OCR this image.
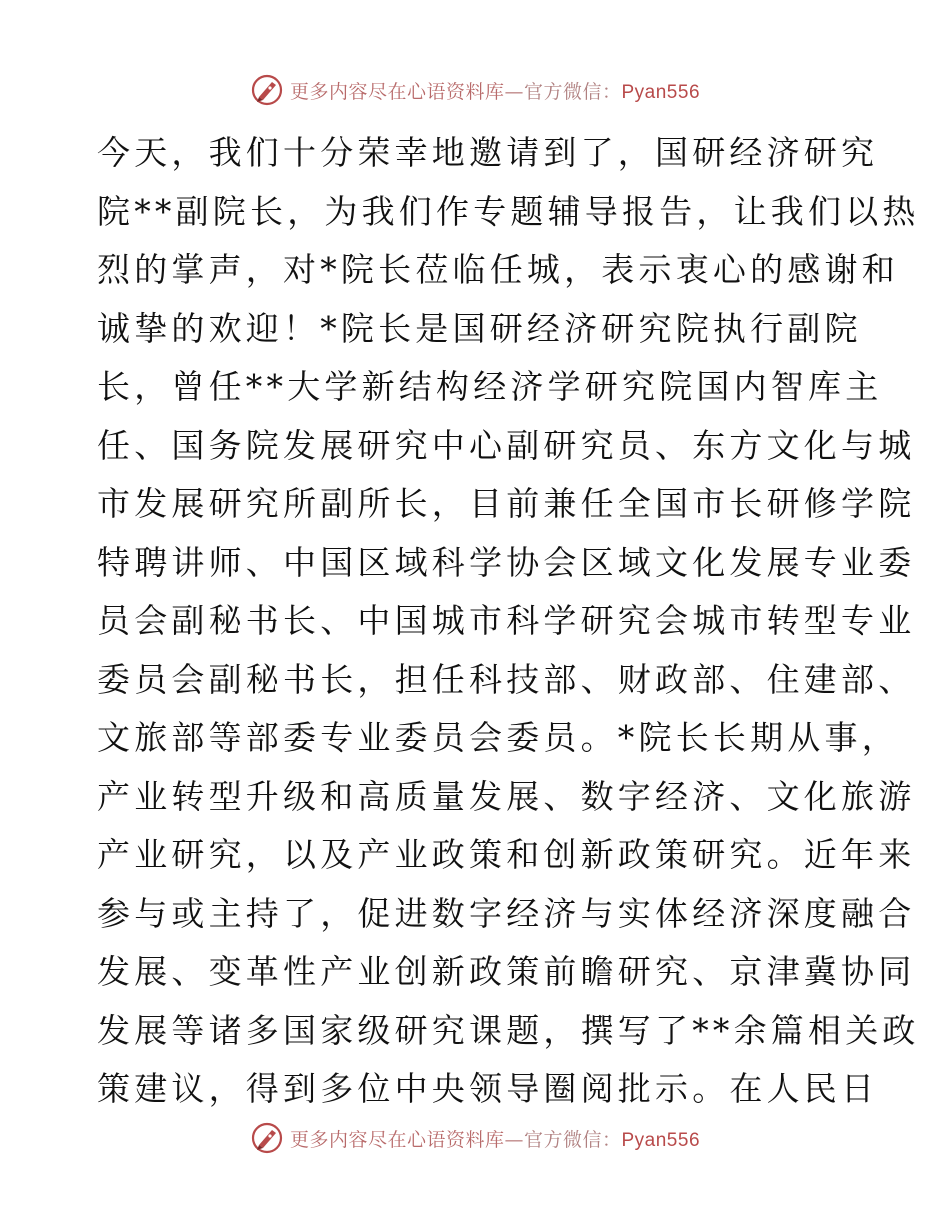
更多内容尽在心语资料库—官方微信：Pyan556
今天，我们十分荣幸地邀请到了，国研经济研究
院**副院长，为我们作专题辅导报告，让我们以热
烈的掌声，对*院长莅临任城，表示衷心的感谢和
诚挚的欢迎！*院长是国研经济研究院执行副院
长，曾任**大学新结构经济学研究院国内智库主
任、国务院发展研究中心副研究员、东方文化与城
市发展研究所副所长，目前兼任全国市长研修学院
特聘讲师、中国区域科学协会区域文化发展专业委
员会副秘书长、中国城市科学研究会城市转型专业
委员会副秘书长，担任科技部、财政部、住建部、
文旅部等部委专业委员会委员。*院长长期从事，
产业转型升级和高质量发展、数字经济、文化旅游
产业研究，以及产业政策和创新政策研究。近年来
参与或主持了，促进数字经济与实体经济深度融合
发展、变革性产业创新政策前瞻研究、京津冀协同
发展等诸多国家级研究课题，撰写了**余篇相关政
策建议，得到多位中央领导圈阅批示。在人民日
更多内容尽在心语资料库—官方微信：Pyan556
